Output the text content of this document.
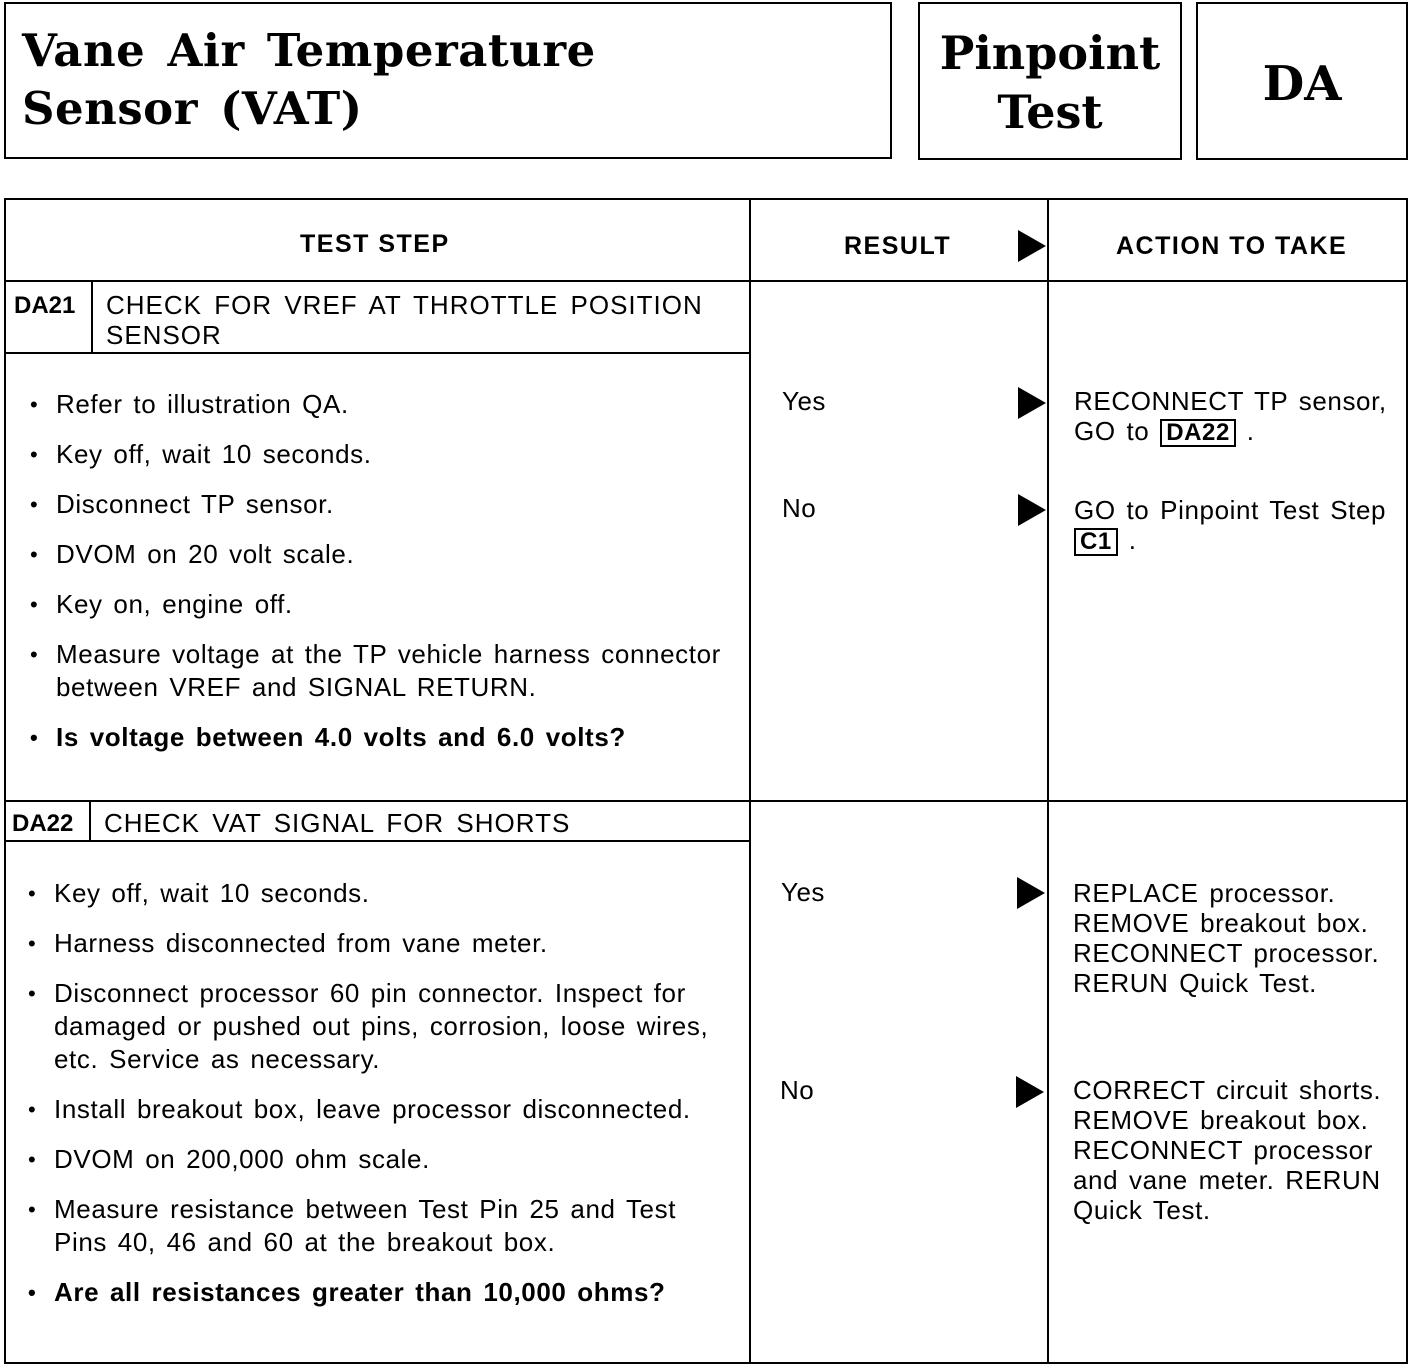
Vane Air Temperature
Sensor (VAT)
Pinpoint
Test	DA
TEST STEP	RESULT	ACTION TO TAKE
DA21 CHECK FOR VREF AT THROTTLE POSITION SENSOR
• Refer to illustration QA.
• Key off, wait 10 seconds.
• Disconnect TP sensor.
• DVOM on 20 volt scale.
• Key on, engine off.
• Measure voltage at the TP vehicle harness connector between VREF and SIGNAL RETURN.
• Is voltage between 4.0 volts and 6.0 volts?
Yes	RECONNECT TP sensor, GO to DA22 .
No	GO to Pinpoint Test Step C1 .
DA22 CHECK VAT SIGNAL FOR SHORTS
• Key off, wait 10 seconds.
• Harness disconnected from vane meter.
• Disconnect processor 60 pin connector. Inspect for damaged or pushed out pins, corrosion, loose wires, etc. Service as necessary.
• Install breakout box, leave processor disconnected.
• DVOM on 200,000 ohm scale.
• Measure resistance between Test Pin 25 and Test Pins 40, 46 and 60 at the breakout box.
• Are all resistances greater than 10,000 ohms?
Yes	REPLACE processor. REMOVE breakout box. RECONNECT processor. RERUN Quick Test.
No	CORRECT circuit shorts. REMOVE breakout box. RECONNECT processor and vane meter. RERUN Quick Test.
